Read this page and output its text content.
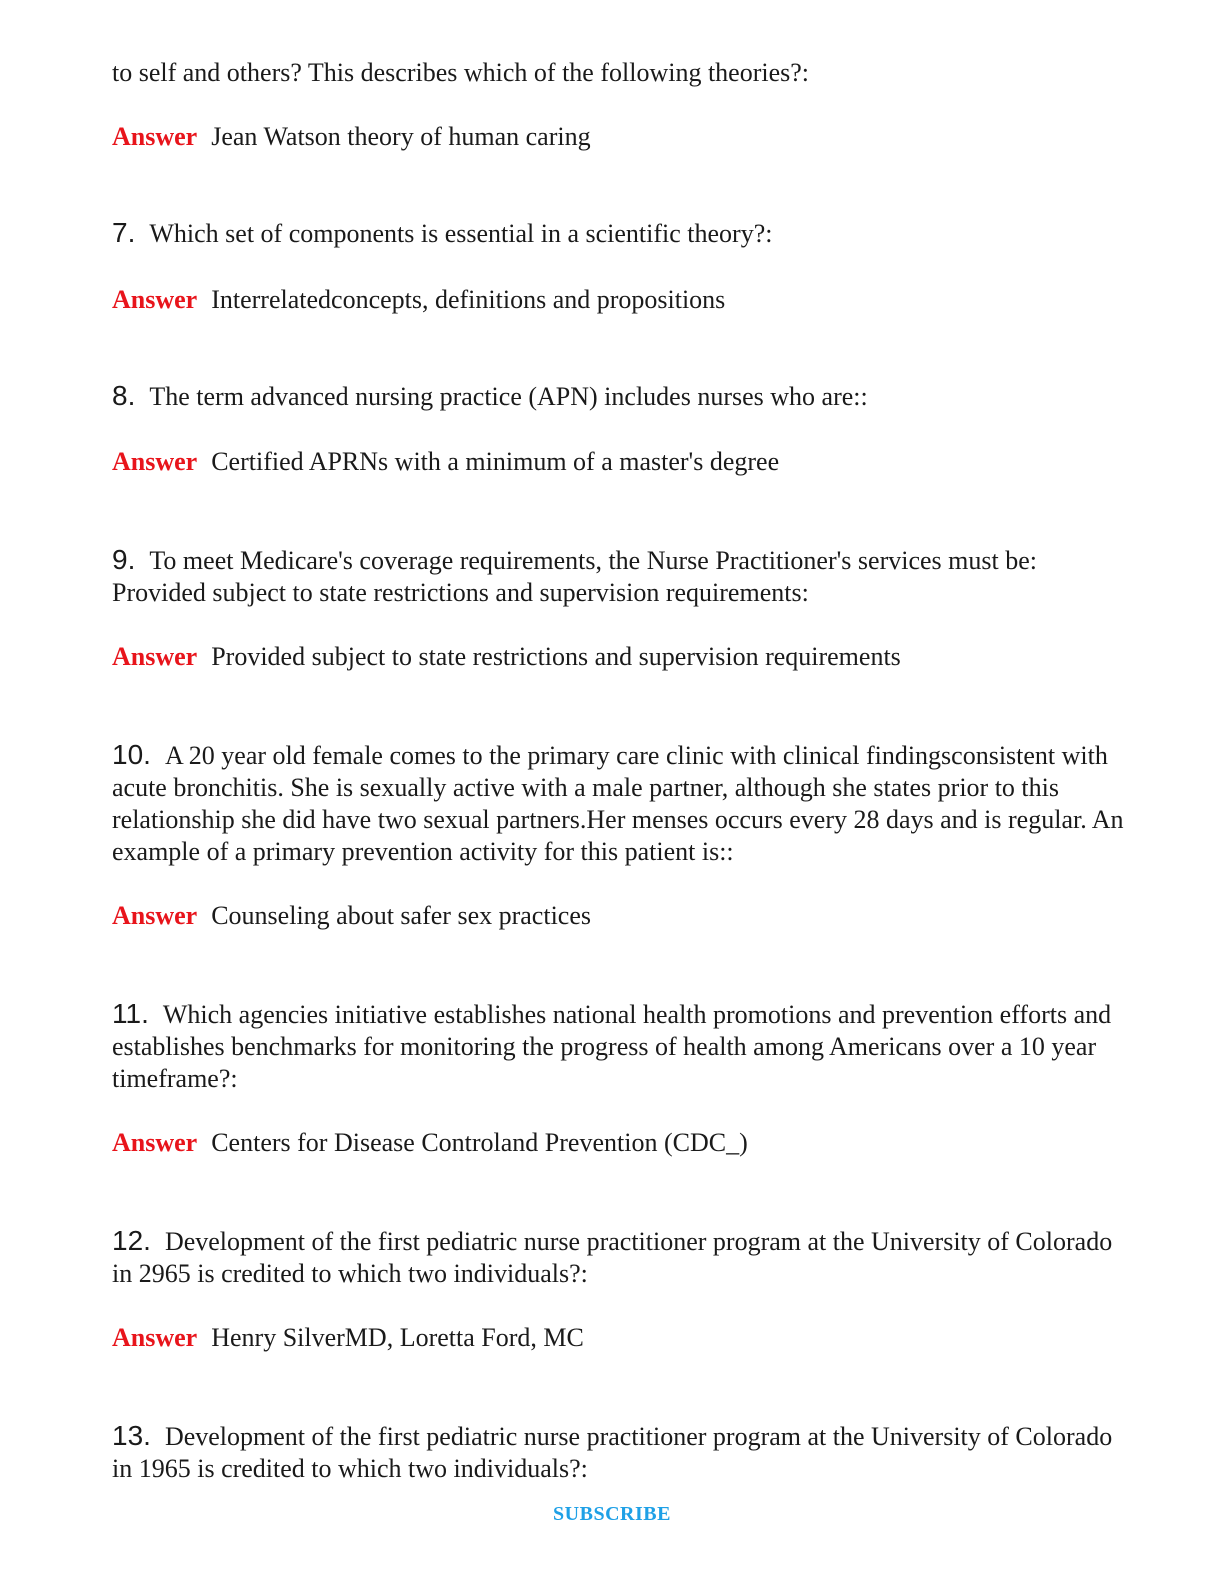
to self and others? This describes which of the following theories?:

Answer Jean Watson theory of human caring

7. Which set of components is essential in a scientific theory?:

Answer Interrelatedconcepts, definitions and propositions

8. The term advanced nursing practice (APN) includes nurses who are::

Answer Certified APRNs with a minimum of a master's degree

9. To meet Medicare's coverage requirements, the Nurse Practitioner's services must be: Provided subject to state restrictions and supervision requirements:

Answer Provided subject to state restrictions and supervision requirements

10. A 20 year old female comes to the primary care clinic with clinical findingsconsistent with acute bronchitis. She is sexually active with a male partner, although she states prior to this relationship she did have two sexual partners.Her menses occurs every 28 days and is regular. An example of a primary prevention activity for this patient is::

Answer Counseling about safer sex practices

11. Which agencies initiative establishes national health promotions and prevention efforts and establishes benchmarks for monitoring the progress of health among Americans over a 10 year timeframe?:

Answer Centers for Disease Controland Prevention (CDC_)

12. Development of the first pediatric nurse practitioner program at the University of Colorado in 2965 is credited to which two individuals?:

Answer Henry SilverMD, Loretta Ford, MC

13. Development of the first pediatric nurse practitioner program at the University of Colorado in 1965 is credited to which two individuals?:

SUBSCRIBE
